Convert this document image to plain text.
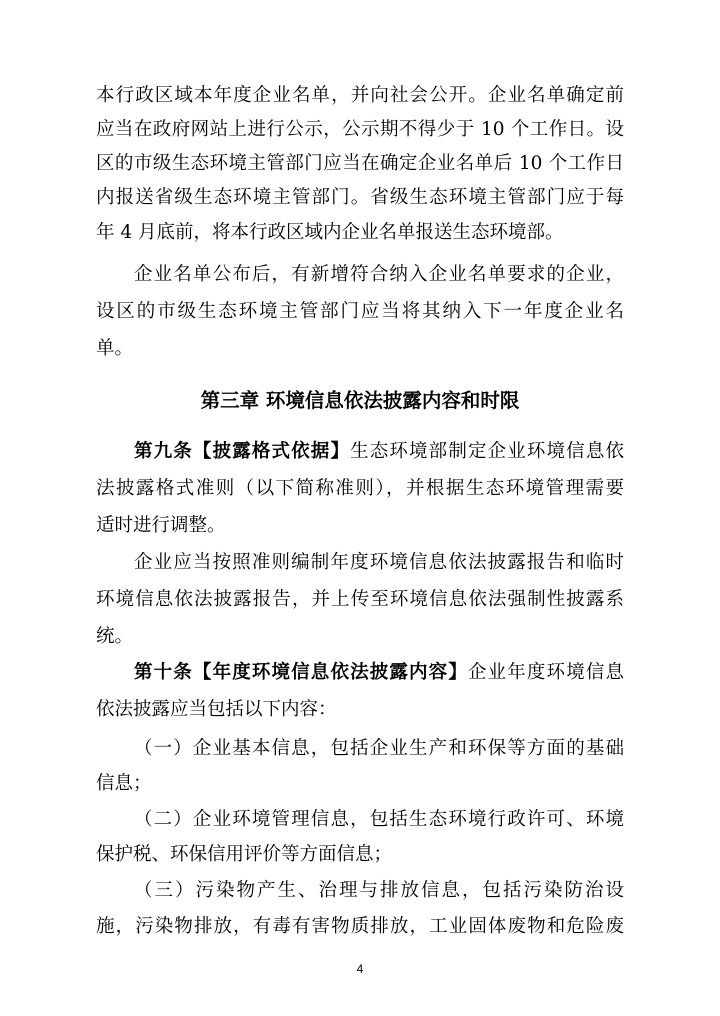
本行政区域本年度企业名单，并向社会公开。企业名单确定前
应当在政府网站上进行公示，公示期不得少于 10 个工作日。设
区的市级生态环境主管部门应当在确定企业名单后 10 个工作日
内报送省级生态环境主管部门。省级生态环境主管部门应于每
年 4 月底前，将本行政区域内企业名单报送生态环境部。
企业名单公布后，有新增符合纳入企业名单要求的企业，
设区的市级生态环境主管部门应当将其纳入下一年度企业名
单。
第三章 环境信息依法披露内容和时限
第九条【披露格式依据】生态环境部制定企业环境信息依
法披露格式准则（以下简称准则），并根据生态环境管理需要
适时进行调整。
企业应当按照准则编制年度环境信息依法披露报告和临时
环境信息依法披露报告，并上传至环境信息依法强制性披露系
统。
第十条【年度环境信息依法披露内容】企业年度环境信息
依法披露应当包括以下内容：
（一）企业基本信息，包括企业生产和环保等方面的基础
信息；
（二）企业环境管理信息，包括生态环境行政许可、环境
保护税、环保信用评价等方面信息；
（三）污染物产生、治理与排放信息，包括污染防治设
施，污染物排放，有毒有害物质排放，工业固体废物和危险废
4
